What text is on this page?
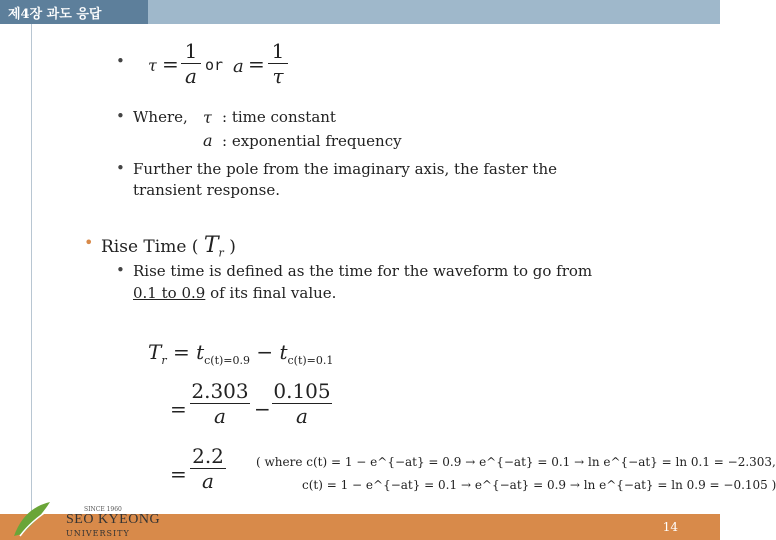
제4장 과도 응답
• τ =
1
a or a =
1
τ
• Where, τ : time constant
a : exponential frequency
• Further the pole from the imaginary axis, the faster the
transient response.
• Rise Time ( $T_r$ )
• Rise time is defined as the time for the waveform to go from
0.1 to 0.9 of its final value.
$T_r = t_{c(t)=0.9} - t_{c(t)=0.1}$
=
2.303
a	−
0.105
a
=
2.2
a
( where c(t) = 1 − e^{−at} = 0.9 → e^{−at} = 0.1 → ln e^{−at} = ln 0.1 = −2.303,
c(t) = 1 − e^{−at} = 0.1 → e^{−at} = 0.9 → ln e^{−at} = ln 0.9 = −0.105 )
SINCE 1960
SEO KYEONG
UNIVERSITY	14
